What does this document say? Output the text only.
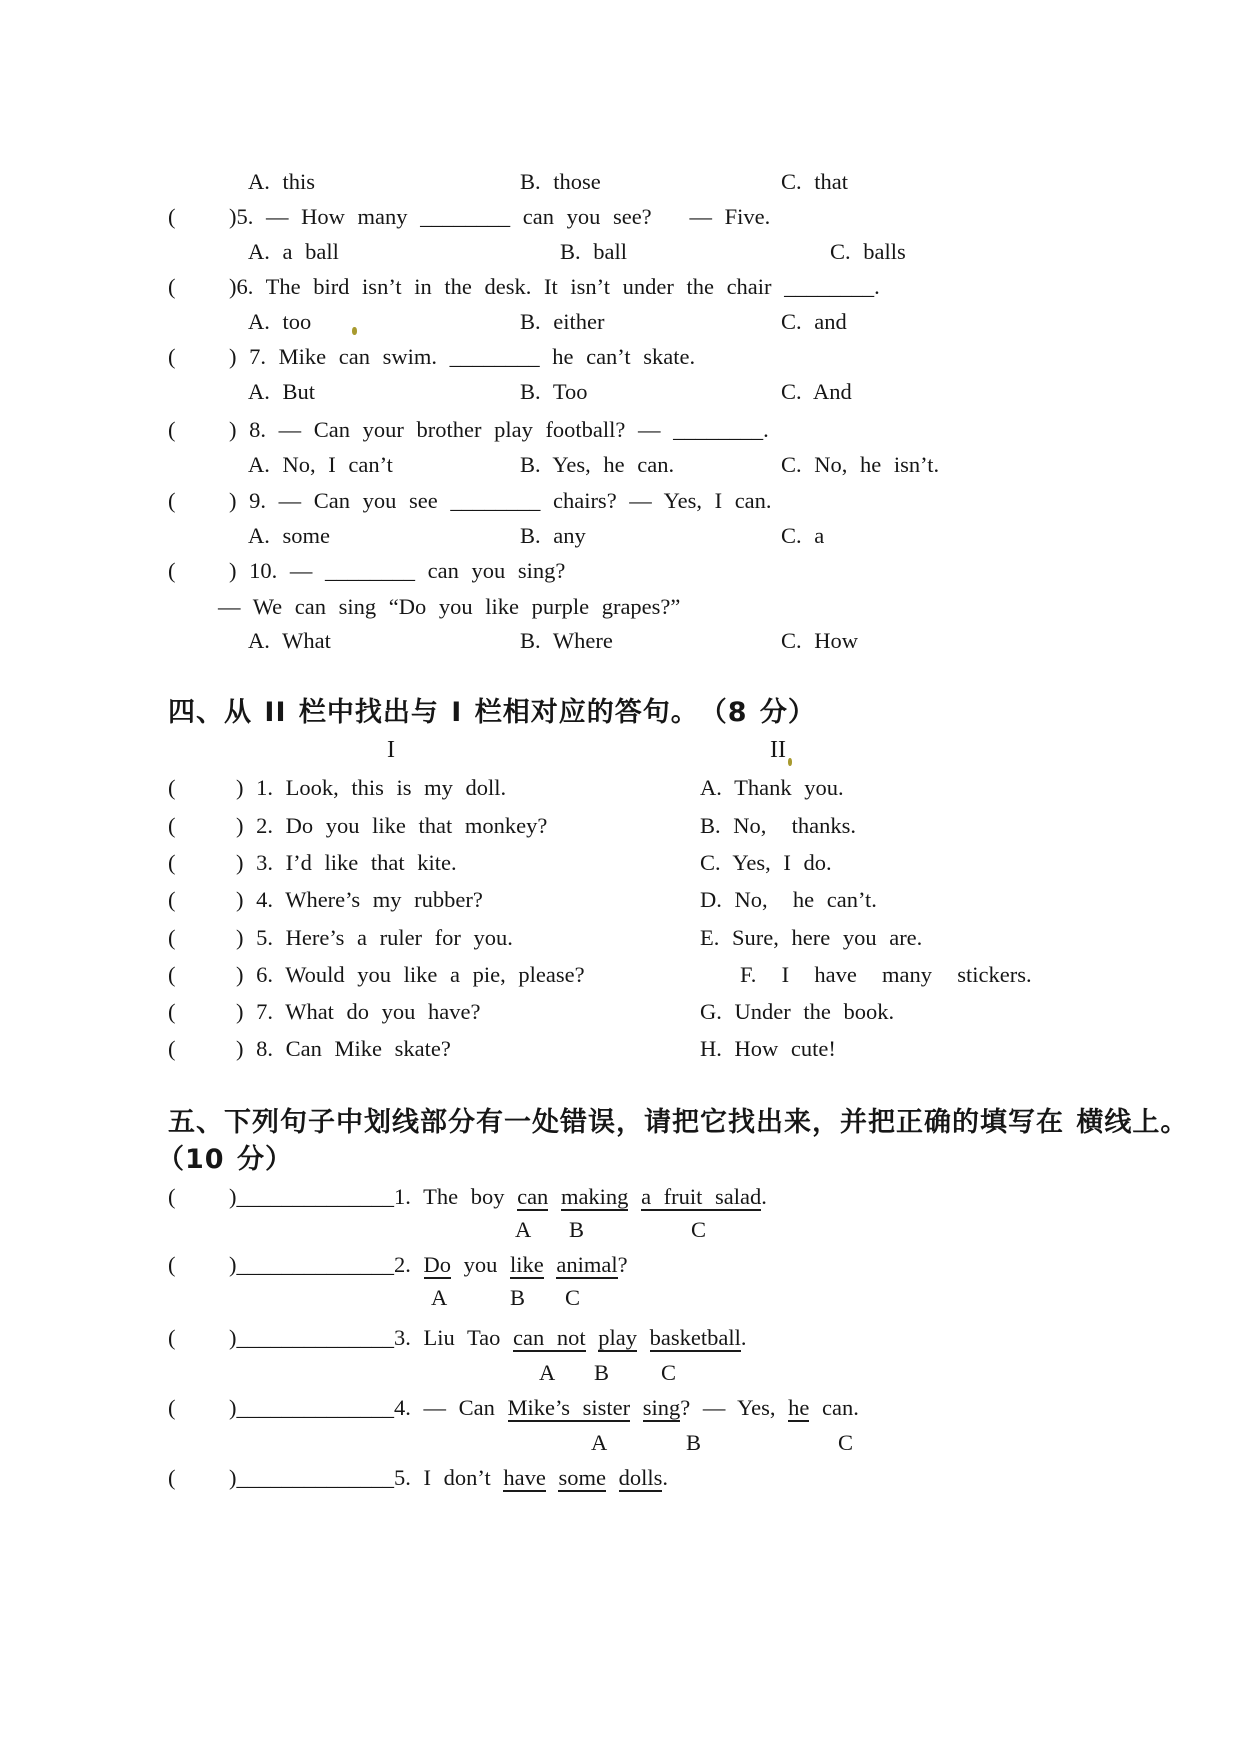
A. this	B. those	C. that
( )5. — How many ________ can you see?   — Five.
A. a ball	B. ball	C. balls
( )6. The bird isn’t in the desk. It isn’t under the chair ________.
A. too	B. either	C. and
( ) 7. Mike can swim. ________ he can’t skate.
A. But	B. Too	C. And
( ) 8. — Can your brother play football? — ________.
A. No, I can’t	B. Yes, he can.	C. No, he isn’t.
( ) 9. — Can you see ________ chairs? — Yes, I can.
A. some	B. any	C. a
( ) 10. — ________ can you sing?
— We can sing “Do you like purple grapes?”
A. What	B. Where	C. How
四、从 II 栏中找出与 I 栏相对应的答句。　（8 分）
I	II
(	) 1. Look, this is my doll.	A. Thank you.
(	) 2. Do you like that monkey?	B. No,  thanks.
(	) 3. I’d like that kite.	C. Yes, I do.
(	) 4. Where’s my rubber?	D. No,  he can’t.
(	) 5. Here’s a ruler for you.	E. Sure, here you are.
(	) 6. Would you like a pie, please?	F.  I  have  many  stickers.
(	) 7. What do you have?	G. Under the book.
(	) 8. Can Mike skate?	H. How cute!
五、下列句子中划线部分有一处错误，请把它找出来，并把正确的填写在 横线上。
（10 分）
( )______________1. The boy can making a fruit salad.
A B	C
( )______________2. Do you like animal?
A	B C
( )______________3. Liu Tao can not play basketball.
A B C
( )______________4. — Can Mike’s sister sing? — Yes, he can.
A	B	C
( )______________5. I don’t have some dolls.
